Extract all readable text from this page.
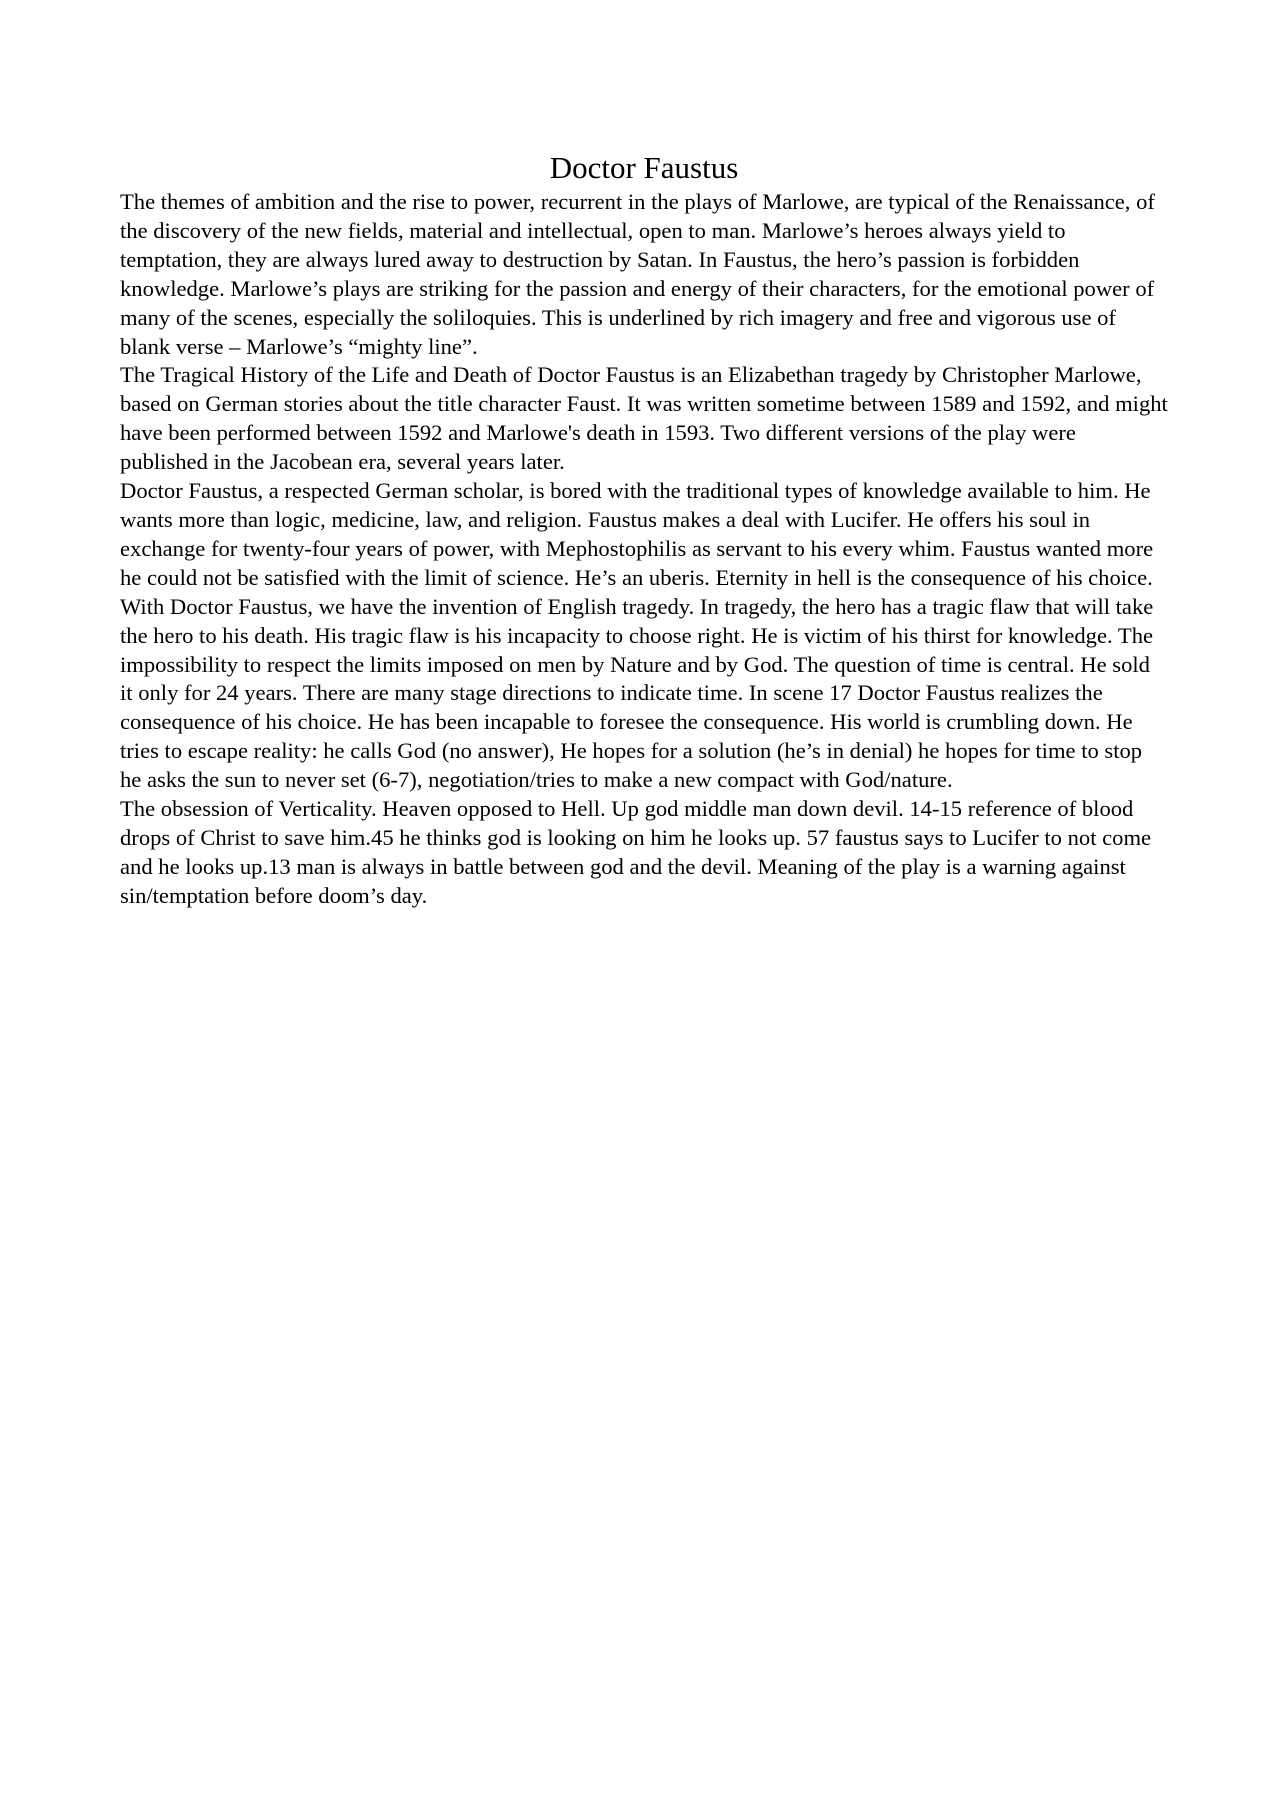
Doctor Faustus

The themes of ambition and the rise to power, recurrent in the plays of Marlowe, are typical of the Renaissance, of the discovery of the new fields, material and intellectual, open to man. Marlowe’s heroes always yield to temptation, they are always lured away to destruction by Satan. In Faustus, the hero’s passion is forbidden knowledge. Marlowe’s plays are striking for the passion and energy of their characters, for the emotional power of many of the scenes, especially the soliloquies. This is underlined by rich imagery and free and vigorous use of blank verse – Marlowe’s “mighty line”.

The Tragical History of the Life and Death of Doctor Faustus is an Elizabethan tragedy by Christopher Marlowe, based on German stories about the title character Faust. It was written sometime between 1589 and 1592, and might have been performed between 1592 and Marlowe's death in 1593. Two different versions of the play were published in the Jacobean era, several years later.

Doctor Faustus, a respected German scholar, is bored with the traditional types of knowledge available to him. He wants more than logic, medicine, law, and religion. Faustus makes a deal with Lucifer. He offers his soul in exchange for twenty-four years of power, with Mephostophilis as servant to his every whim. Faustus wanted more he could not be satisfied with the limit of science. He’s an uberis. Eternity in hell is the consequence of his choice. With Doctor Faustus, we have the invention of English tragedy. In tragedy, the hero has a tragic flaw that will take the hero to his death. His tragic flaw is his incapacity to choose right. He is victim of his thirst for knowledge. The impossibility to respect the limits imposed on men by Nature and by God. The question of time is central. He sold it only for 24 years. There are many stage directions to indicate time. In scene 17 Doctor Faustus realizes the consequence of his choice. He has been incapable to foresee the consequence. His world is crumbling down. He tries to escape reality: he calls God (no answer), He hopes for a solution (he’s in denial) he hopes for time to stop he asks the sun to never set (6-7), negotiation/tries to make a new compact with God/nature.

The obsession of Verticality. Heaven opposed to Hell. Up god middle man down devil. 14-15 reference of blood drops of Christ to save him.45 he thinks god is looking on him he looks up. 57 faustus says to Lucifer to not come and he looks up.13 man is always in battle between god and the devil. Meaning of the play is a warning against sin/temptation before doom’s day.
